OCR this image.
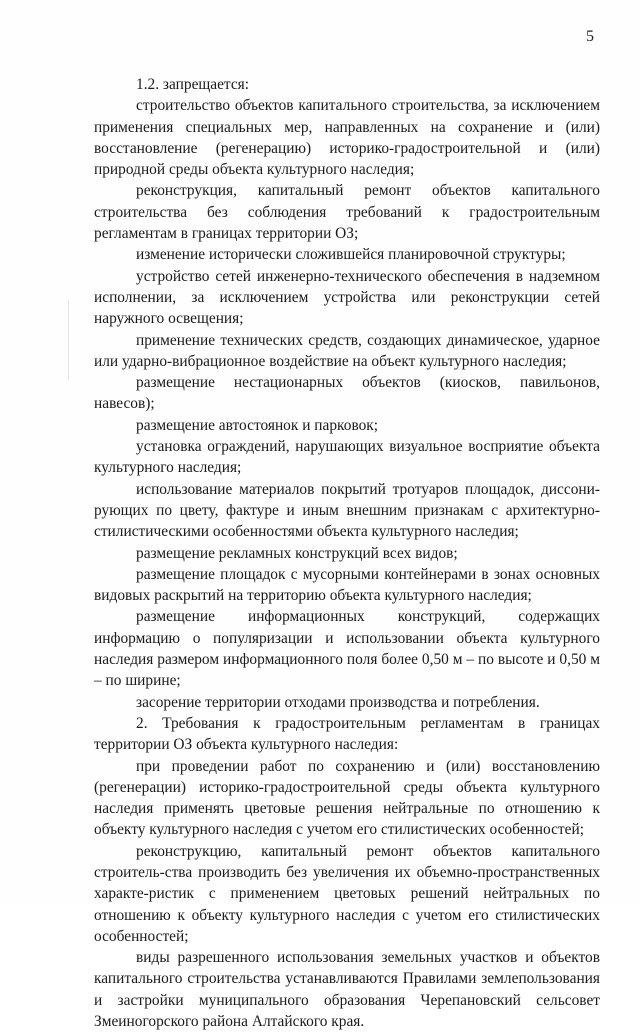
5

1.2. запрещается:

строительство объектов капитального строительства, за исключением применения специальных мер, направленных на сохранение и (или) восстановление (регенерацию) историко-градостроительной и (или) природной среды объекта культурного наследия;

реконструкция, капитальный ремонт объектов капитального строительства без соблюдения требований к градостроительным регламентам в границах территории ОЗ;

изменение исторически сложившейся планировочной структуры;

устройство сетей инженерно-технического обеспечения в надземном исполнении, за исключением устройства или реконструкции сетей наружного освещения;

применение технических средств, создающих динамическое, ударное или ударно-вибрационное воздействие на объект культурного наследия;

размещение нестационарных объектов (киосков, павильонов, навесов);

размещение автостоянок и парковок;

установка ограждений, нарушающих визуальное восприятие объекта культурного наследия;

использование материалов покрытий тротуаров площадок, диссони-рующих по цвету, фактуре и иным внешним признакам с архитектурно-стилистическими особенностями объекта культурного наследия;

размещение рекламных конструкций всех видов;

размещение площадок с мусорными контейнерами в зонах основных видовых раскрытий на территорию объекта культурного наследия;

размещение информационных конструкций, содержащих информацию о популяризации и использовании объекта культурного наследия размером информационного поля более 0,50 м – по высоте и 0,50 м – по ширине;

засорение территории отходами производства и потребления.

2. Требования к градостроительным регламентам в границах территории ОЗ объекта культурного наследия:

при проведении работ по сохранению и (или) восстановлению (регенерации) историко-градостроительной среды объекта культурного наследия применять цветовые решения нейтральные по отношению к объекту культурного наследия с учетом его стилистических особенностей;

реконструкцию, капитальный ремонт объектов капитального строитель-ства производить без увеличения их объемно-пространственных характе-ристик с применением цветовых решений нейтральных по отношению к объекту культурного наследия с учетом его стилистических особенностей;

виды разрешенного использования земельных участков и объектов капитального строительства устанавливаются Правилами землепользования и застройки муниципального образования Черепановский сельсовет Змеиногорского района Алтайского края.
